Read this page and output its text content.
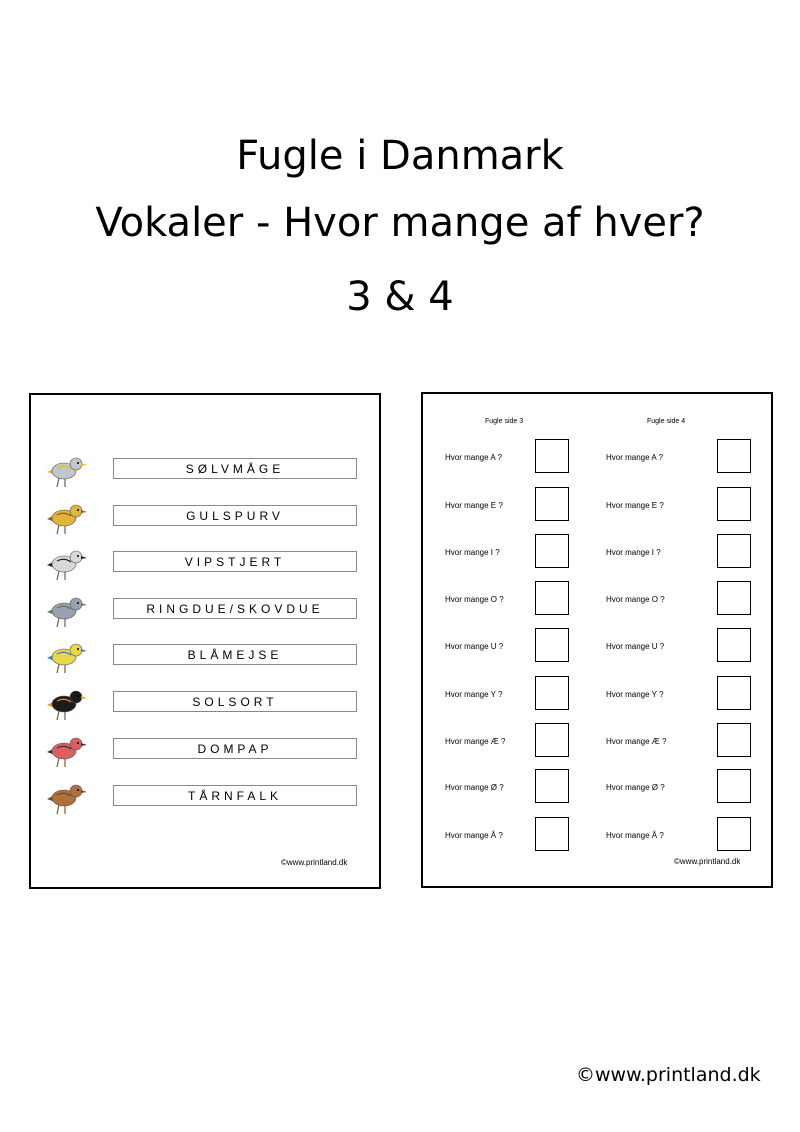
Fugle i Danmark
Vokaler - Hvor mange af hver?
3 & 4
SØLVMÅGE
GULSPURV
VIPSTJERT
RINGDUE/SKOVDUE
BLÅMEJSE
SOLSORT
DOMPAP
TÅRNFALK
©www.printland.dk
Fugle side 3	Fugle side 4
Hvor mange A ?	Hvor mange A ?
Hvor mange E ?	Hvor mange E ?
Hvor mange I ?	Hvor mange I ?
Hvor mange O ?	Hvor mange O ?
Hvor mange U ?	Hvor mange U ?
Hvor mange Y ?	Hvor mange Y ?
Hvor mange Æ ?	Hvor mange Æ ?
Hvor mange Ø ?	Hvor mange Ø ?
Hvor mange Å ?	Hvor mange Å ?
©www.printland.dk
©www.printland.dk
